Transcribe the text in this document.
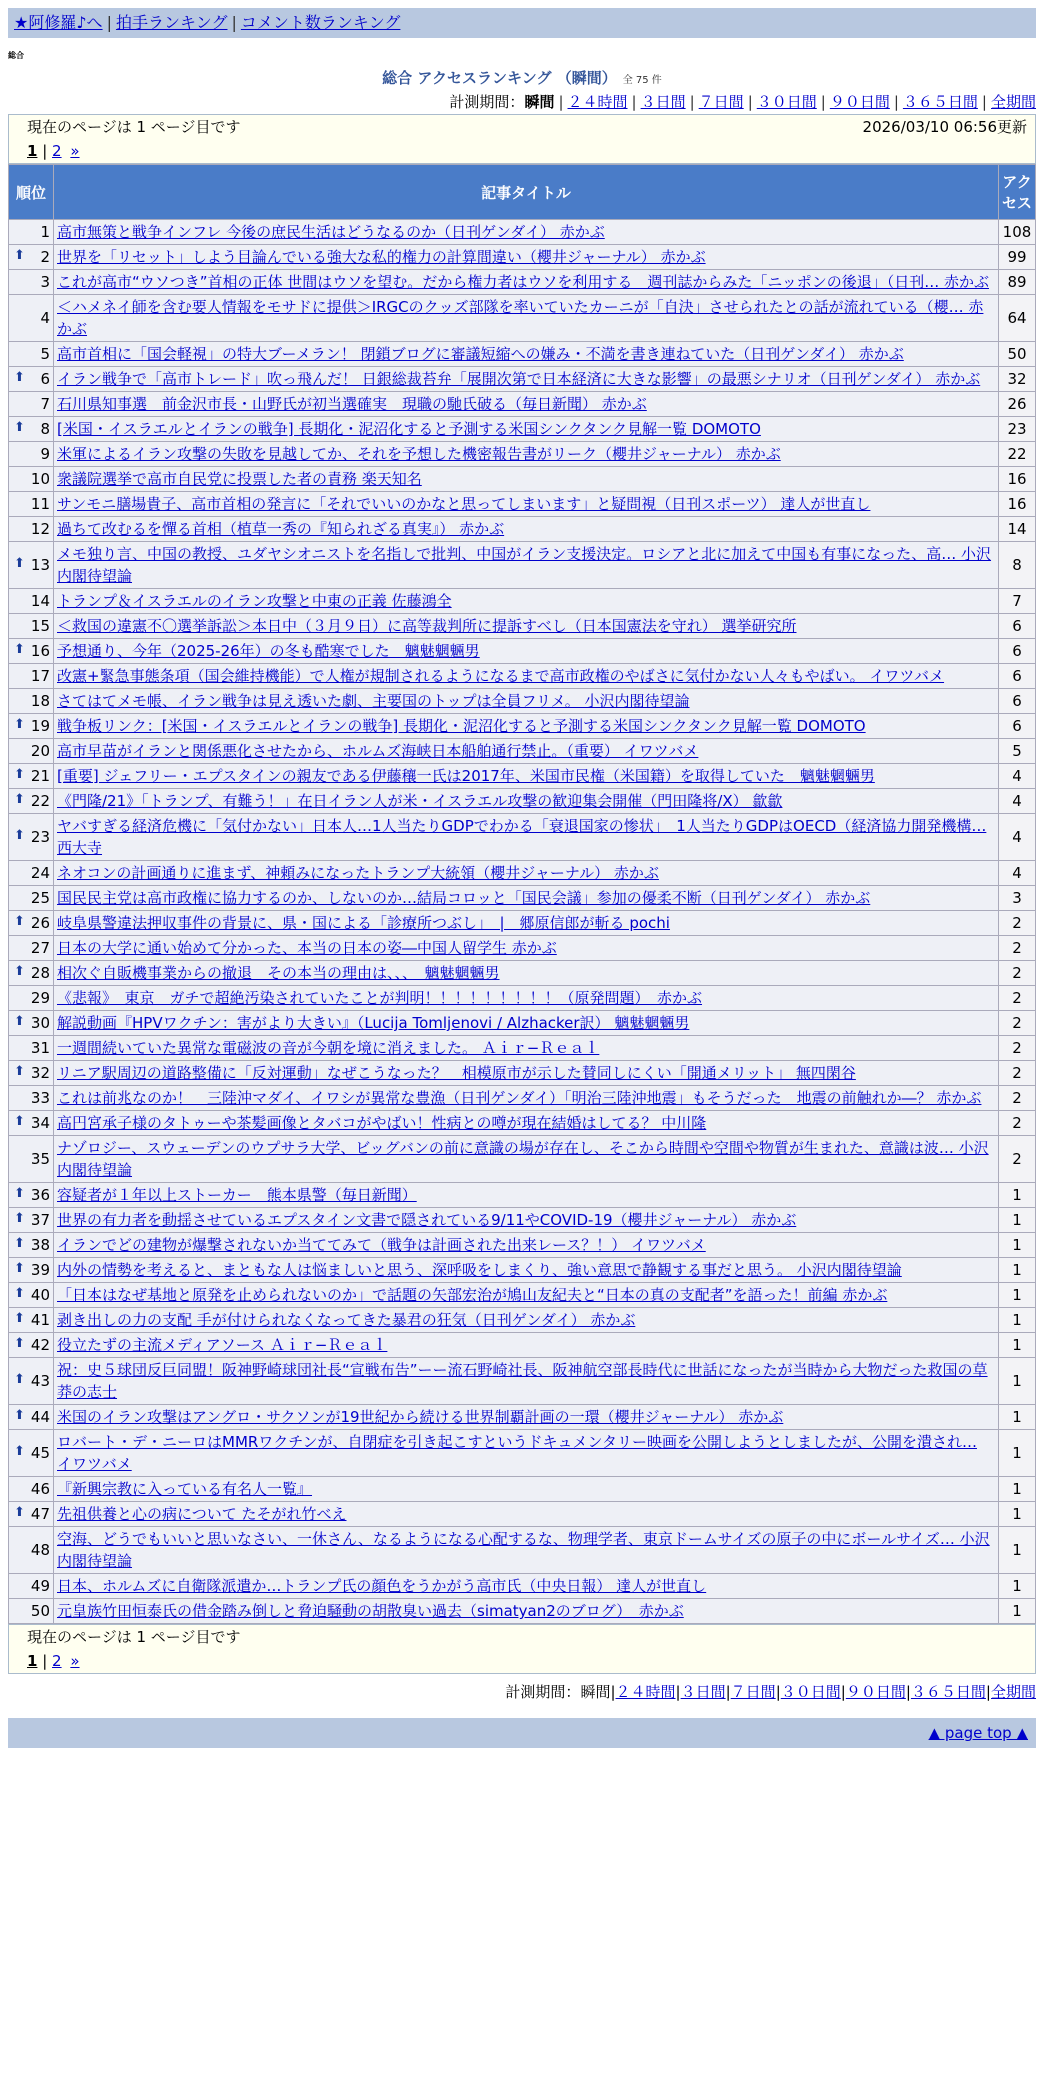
★阿修羅♪へ | 拍手ランキング | コメント数ランキング
総合
総合 アクセスランキング （瞬間） 全 75 件
計測期間：瞬間 | ２４時間 | ３日間 | ７日間 | ３０日間 | ９０日間 | ３６５日間 | 全期間
現在のページは 1 ページ目です	2026/03/10 06:56更新
1 | 2 »
順位	記事タイトル	アクセス
1	高市無策と戦争インフレ 今後の庶民生活はどうなるのか（日刊ゲンダイ） 赤かぶ	108

⬆ 2	世界を「リセット」しよう目論んでいる強大な私的権力の計算間違い（櫻井ジャーナル） 赤かぶ	99
3	これが高市“ウソつき”首相の正体 世間はウソを望む。だから権力者はウソを利用する　週刊誌からみた「ニッポンの後退」（日刊… 赤かぶ	89
4	＜ハメネイ師を含む要人情報をモサドに提供＞IRGCのクッズ部隊を率いていたカーニが「自決」させられたとの話が流れている（櫻… 赤かぶ	64
5	高市首相に「国会軽視」の特大ブーメラン！ 閉鎖ブログに審議短縮への嫌み・不満を書き連ねていた（日刊ゲンダイ） 赤かぶ	50

⬆ 6	イラン戦争で「高市トレード」吹っ飛んだ！ 日銀総裁苔弁「展開次第で日本経済に大きな影響」の最悪シナリオ（日刊ゲンダイ） 赤かぶ	32
7	石川県知事選　前金沢市長・山野氏が初当選確実　現職の馳氏破る（毎日新聞） 赤かぶ	26

⬆ 8	[米国・イスラエルとイランの戦争] 長期化・泥沼化すると予測する米国シンクタンク見解一覧 DOMOTO	23
9	米軍によるイラン攻撃の失敗を見越してか、それを予想した機密報告書がリーク（櫻井ジャーナル） 赤かぶ	22
10	衆議院選挙で高市自民党に投票した者の責務 楽天知名	16
11	サンモニ膳場貴子、高市首相の発言に「それでいいのかなと思ってしまいます」と疑問視（日刊スポーツ） 達人が世直し	16
12	過ちて改むるを憚る首相（植草一秀の『知られざる真実』） 赤かぶ	14

⬆ 13	メモ独り言、中国の教授、ユダヤシオニストを名指しで批判、中国がイラン支援決定。ロシアと北に加えて中国も有事になった、高… 小沢内閣待望論	8
14	トランプ＆イスラエルのイラン攻撃と中東の正義 佐藤鴻全	7
15	＜救国の違憲不〇選挙訴訟＞本日中（３月９日）に高等裁判所に提訴すべし（日本国憲法を守れ） 選挙研究所	6

⬆ 16	予想通り、今年（2025-26年）の冬も酷寒でした　魑魅魍魎男	6
17	改憲+緊急事態条項（国会維持機能）で人権が規制されるようになるまで高市政権のやばさに気付かない人々もやばい。 イワツバメ	6
18	さてはてメモ帳、イラン戦争は見え透いた劇、主要国のトップは全員フリメ。 小沢内閣待望論	6

⬆ 19	戦争板リンク：[米国・イスラエルとイランの戦争] 長期化・泥沼化すると予測する米国シンクタンク見解一覧 DOMOTO	6
20	高市早苗がイランと関係悪化させたから、ホルムズ海峡日本船舶通行禁止。（重要） イワツバメ	5

⬆ 21	[重要] ジェフリー・エプスタインの親友である伊藤穰一氏は2017年、米国市民権（米国籍）を取得していた　魑魅魍魎男	4

⬆ 22	《門隆/21》「トランプ、有難う！」在日イラン人が米・イスラエル攻撃の歓迎集会開催（門田隆将/X） 歙歙	4

⬆ 23	ヤバすぎる経済危機に「気付かない」日本人…1人当たりGDPでわかる「衰退国家の惨状」　1人当たりGDPはOECD（経済協力開発機構… 西大寺	4
24	ネオコンの計画通りに進まず、神頼みになったトランプ大統領（櫻井ジャーナル） 赤かぶ	4
25	国民民主党は高市政権に協力するのか、しないのか…結局コロッと「国民会議」参加の優柔不断（日刊ゲンダイ） 赤かぶ	3

⬆ 26	岐阜県警違法押収事件の背景に、県・国による「診療所つぶし」　|　郷原信郎が斬る pochi	2
27	日本の大学に通い始めて分かった、本当の日本の姿―中国人留学生 赤かぶ	2

⬆ 28	相次ぐ自販機事業からの撤退　その本当の理由は、、、　魑魅魍魎男	2
29	《悲報》　東京　ガチで超絶汚染されていたことが判明！！！！！！！！！（原発問題）　赤かぶ	2

⬆ 30	解説動画『HPVワクチン：害がより大きい』（Lucija Tomljenovi / Alzhacker訳） 魑魅魍魎男	2
31	一週間続いていた異常な電磁波の音が今朝を境に消えました。 Ａｉｒ−Ｒｅａｌ	2

⬆ 32	リニア駅周辺の道路整備に「反対運動」なぜこうなった？　相模原市が示した賛同しにくい「開通メリット」 無四閑谷	2
33	これは前兆なのか！　三陸沖マダイ、イワシが異常な豊漁（日刊ゲンダイ）「明治三陸沖地震」もそうだった　地震の前触れか―？ 赤かぶ	2

⬆ 34	高円宮承子様のタトゥーや茶髪画像とタバコがやばい！性病との噂が現在結婚はしてる？ 中川隆	2
35	ナゾロジー、スウェーデンのウプサラ大学、ビッグバンの前に意識の場が存在し、そこから時間や空間や物質が生まれた、意識は波… 小沢内閣待望論	2

⬆ 36	容疑者が１年以上ストーカー　熊本県警（毎日新聞）	1

⬆ 37	世界の有力者を動揺させているエプスタイン文書で隠されている9/11やCOVID-19（櫻井ジャーナル） 赤かぶ	1

⬆ 38	イランでどの建物が爆撃されないか当ててみて（戦争は計画された出来レース？！） イワツバメ	1

⬆ 39	内外の情勢を考えると、まともな人は悩ましいと思う、深呼吸をしまくり、強い意思で静観する事だと思う。 小沢内閣待望論	1

⬆ 40	「日本はなぜ基地と原発を止められないのか」で話題の矢部宏治が鳩山友紀夫と“日本の真の支配者”を語った！前編 赤かぶ	1

⬆ 41	剥き出しの力の支配 手が付けられなくなってきた暴君の狂気（日刊ゲンダイ） 赤かぶ	1

⬆ 42	役立たずの主流メディアソース Ａｉｒ−Ｒｅａｌ	1

⬆ 43	祝：史５球団反巨同盟！阪神野崎球団社長“宣戦布告”ーー流石野崎社長、阪神航空部長時代に世話になったが当時から大物だった救国の草莽の志士	1

⬆ 44	米国のイラン攻撃はアングロ・サクソンが19世紀から続ける世界制覇計画の一環（櫻井ジャーナル） 赤かぶ	1

⬆ 45	ロバート・デ・ニーロはMMRワクチンが、自閉症を引き起こすというドキュメンタリー映画を公開しようとしましたが、公開を潰され… イワツバメ	1
46	『新興宗教に入っている有名人一覧』	1

⬆ 47	先祖供養と心の病について たそがれ竹べえ	1
48	空海、どうでもいいと思いなさい、一休さん、なるようになる心配するな、物理学者、東京ドームサイズの原子の中にボールサイズ… 小沢内閣待望論	1
49	日本、ホルムズに自衛隊派遣か…トランプ氏の顔色をうかがう高市氏（中央日報） 達人が世直し	1
50	元皇族竹田恒泰氏の借金踏み倒しと脅迫騒動の胡散臭い過去（simatyan2のブログ）　赤かぶ	1
現在のページは 1 ページ目です
1 | 2 »
計測期間：瞬間|２４時間|３日間|７日間|３０日間|９０日間|３６５日間|全期間
▲ page top ▲
